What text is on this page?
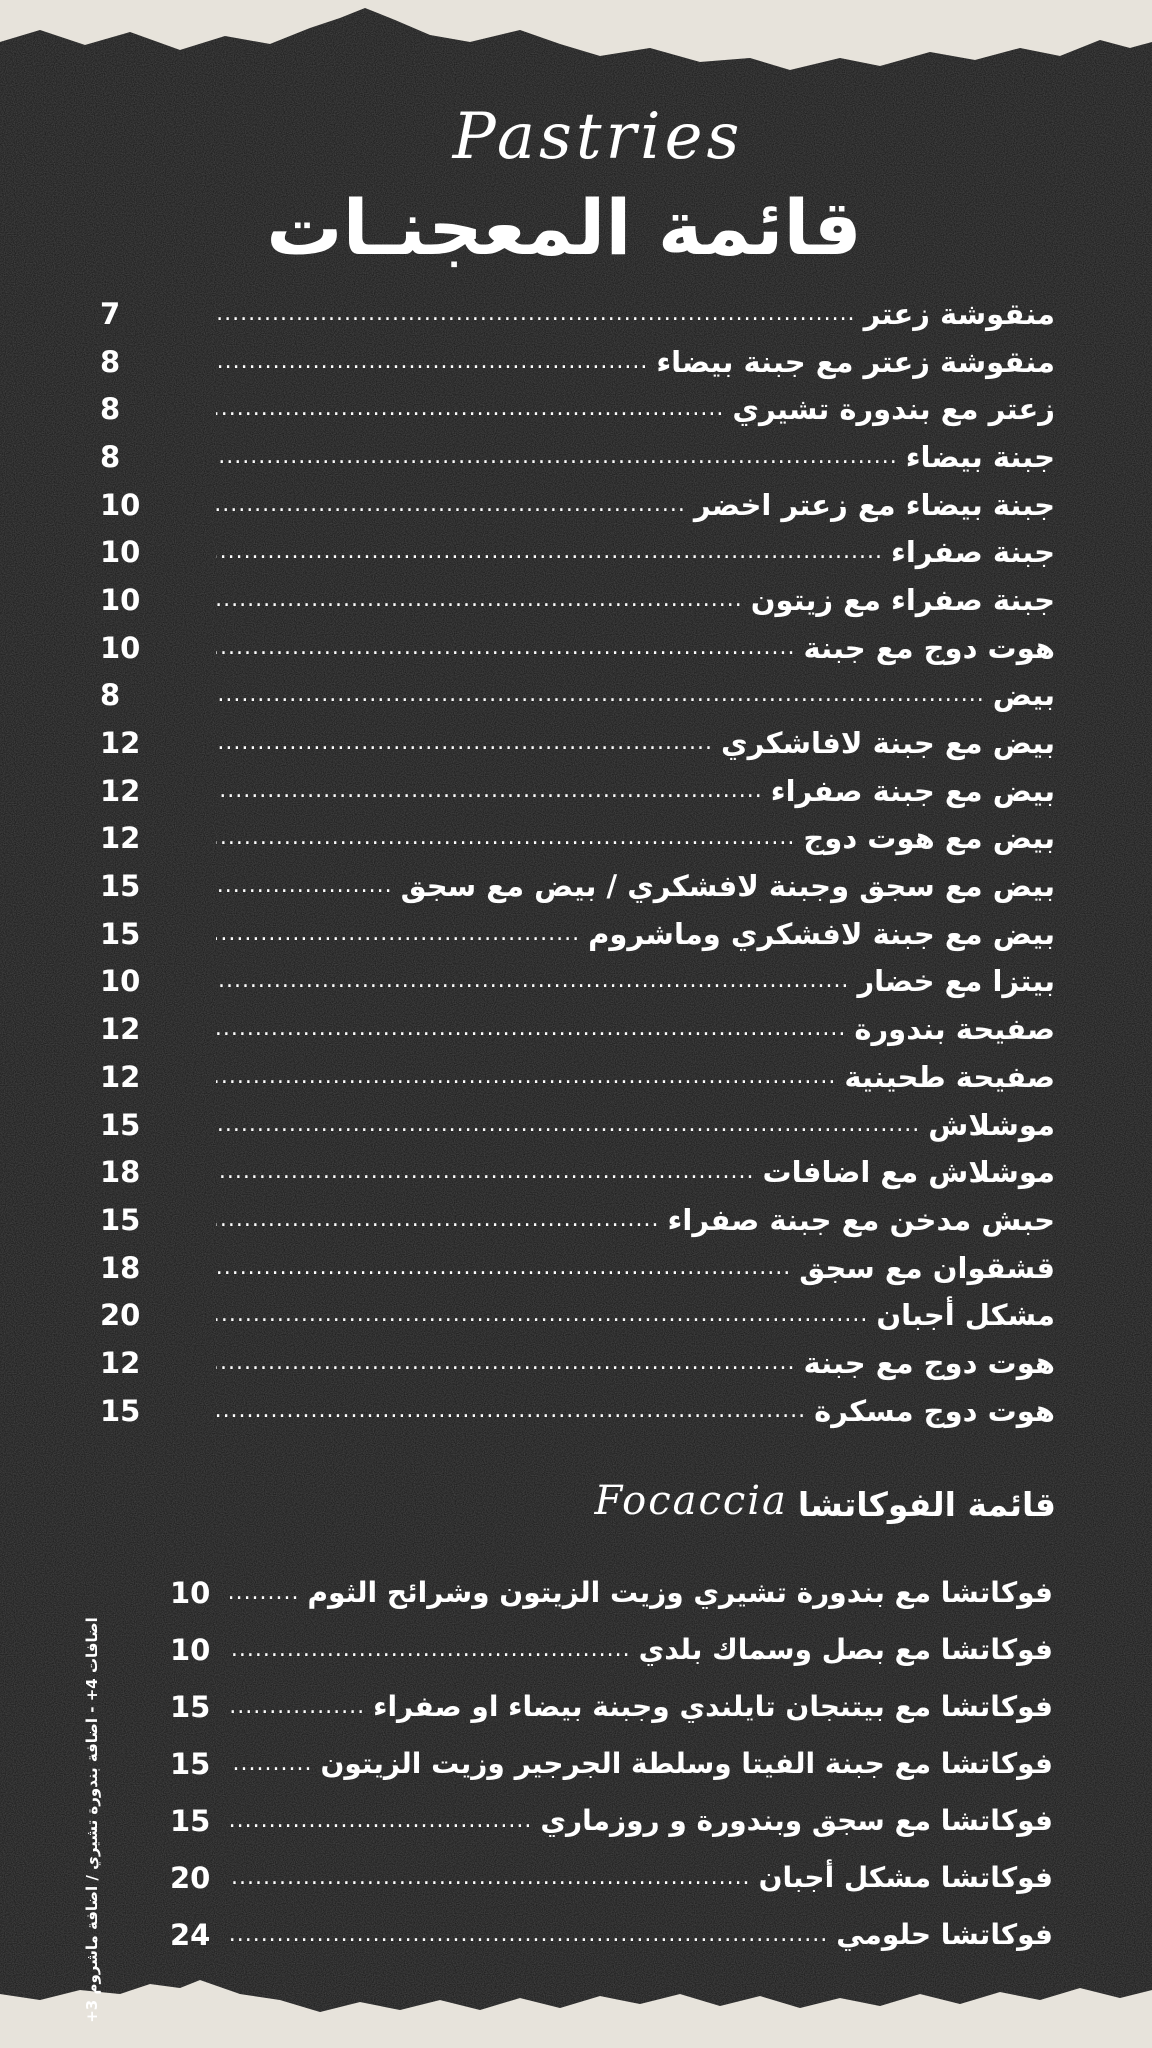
Pastries
قائمة المعجنـات
منقوشة زعتر
.....
7
منقوشة زعتر مع جبنة بيضاء
.....
8
زعتر مع بندورة تشيري
.....
8
جبنة بيضاء
.....
8
جبنة بيضاء مع زعتر اخضر
.....
10
جبنة صفراء
.....
10
جبنة صفراء مع زيتون
.....
10
هوت دوج مع جبنة
.....
10
بيض
.....
8
بيض مع جبنة لافاشكري
.....
12
بيض مع جبنة صفراء
.....
12
بيض مع هوت دوج
.....
12
بيض مع سجق وجبنة لافشكري / بيض مع سجق
.....
15
بيض مع جبنة لافشكري وماشروم
.....
15
بيتزا مع خضار
.....
10
صفيحة بندورة
.....
12
صفيحة طحينية
.....
12
موشلاش
.....
15
موشلاش مع اضافات
.....
18
حبش مدخن مع جبنة صفراء
.....
15
قشقوان مع سجق
.....
18
مشكل أجبان
.....
20
هوت دوج مع جبنة
.....
12
هوت دوج مسكرة
.....
15
قائمة الفوكاتشا
Focaccia
فوكاتشا مع بندورة تشيري وزيت الزيتون وشرائح الثوم
.....
10
فوكاتشا مع بصل وسماك بلدي
.....
10
فوكاتشا مع بيتنجان تايلندي وجبنة بيضاء او صفراء
.....
15
فوكاتشا مع جبنة الفيتا وسلطة الجرجير وزيت الزيتون
.....
15
فوكاتشا مع سجق وبندورة و روزماري
.....
15
فوكاتشا مشكل أجبان
.....
20
فوكاتشا حلومي
.....
24
اضافات 4+ - اضافة بندورة تشيري / اضافة ماشروم 3+
